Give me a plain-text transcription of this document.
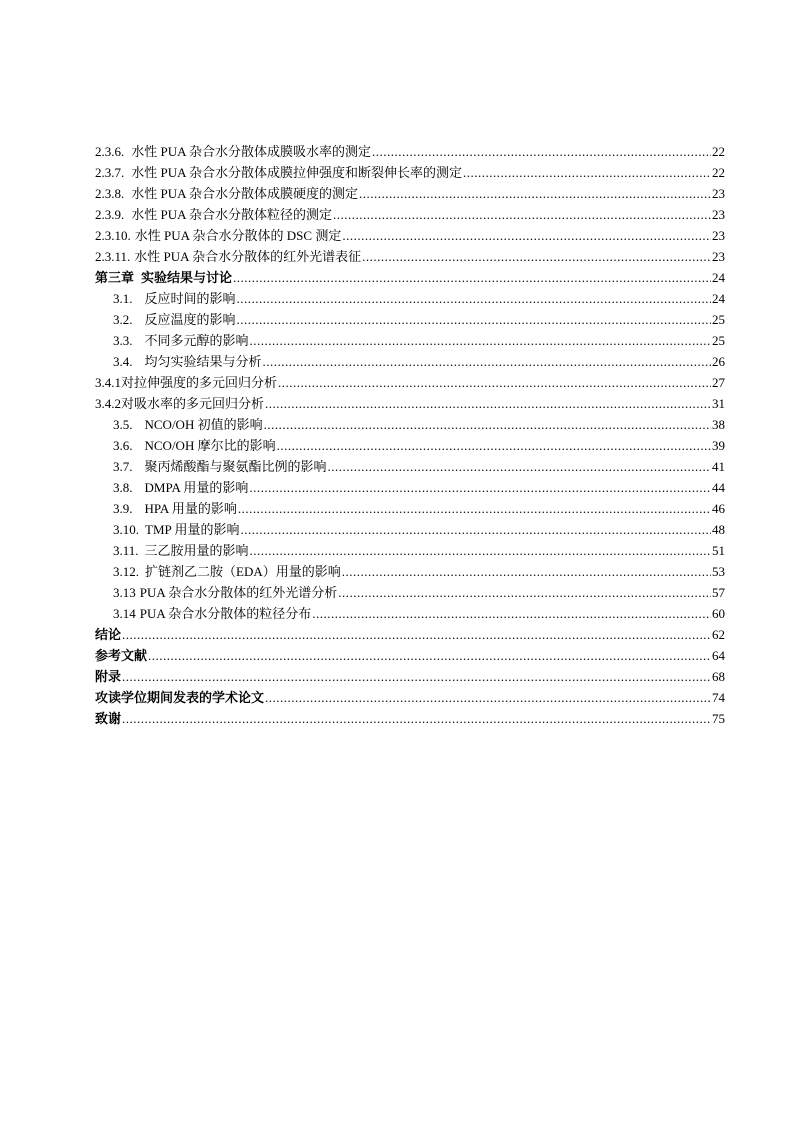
2.3.6. 水性 PUA 杂合水分散体成膜吸水率的测定 .....	22
2.3.7. 水性 PUA 杂合水分散体成膜拉伸强度和断裂伸长率的测定 .....	22
2.3.8. 水性 PUA 杂合水分散体成膜硬度的测定 .....	23
2.3.9. 水性 PUA 杂合水分散体粒径的测定 .....	23
2.3.10. 水性 PUA 杂合水分散体的 DSC 测定 .....	23
2.3.11. 水性 PUA 杂合水分散体的红外光谱表征 .....	23
第三章 实验结果与讨论 .....	24
3.1. 反应时间的影响 .....	24
3.2. 反应温度的影响 .....	25
3.3. 不同多元醇的影响 .....	25
3.4. 均匀实验结果与分析 .....	26
3.4.1 对拉伸强度的多元回归分析 .....	27
3.4.2 对吸水率的多元回归分析 .....	31
3.5. NCO/OH 初值的影响 .....	38
3.6. NCO/OH 摩尔比的影响 .....	39
3.7. 聚丙烯酸酯与聚氨酯比例的影响 .....	41
3.8. DMPA 用量的影响 .....	44
3.9. HPA 用量的影响 .....	46
3.10. TMP 用量的影响 .....	48
3.11. 三乙胺用量的影响 .....	51
3.12. 扩链剂乙二胺（EDA）用量的影响 .....	53
3.13 PUA 杂合水分散体的红外光谱分析 .....	57
3.14 PUA 杂合水分散体的粒径分布 .....	60
结论 .....	62
参考文献 .....	64
附录 .....	68
攻读学位期间发表的学术论文 .....	74
致谢 .....	75
